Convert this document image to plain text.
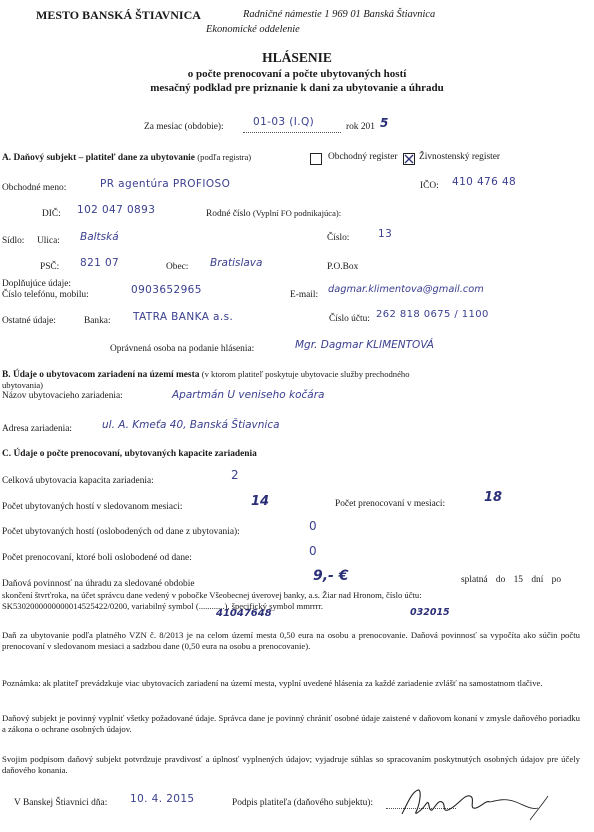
MESTO BANSKÁ ŠTIAVNICA	Radničné námestie 1 969 01 Banská Štiavnica
Ekonomické oddelenie
HLÁSENIE
o počte prenocovaní a počte ubytovaných hostí
mesačný podklad pre priznanie k dani za ubytovanie a úhradu
Za mesiac (obdobie):	01-03 (I.Q)	rok 201 5
A. Daňový subjekt – platiteľ dane za ubytovanie (podľa registra)	Obchodný register Živnostenský register
Obchodné meno:	PR agentúra PROFIOSO	IČO: 410 476 48
DIČ: 102 047 0893	Rodné číslo (Vyplní FO podnikajúca):
Sídlo: Ulica: Baltská	Číslo:	13
PSČ: 821 07	Obec: Bratislava	P.O.Box
Doplňujúce údaje:
Číslo telefónu, mobilu:	0903652965	E-mail: dagmar.klimentova@gmail.com
Ostatné údaje:	Banka: TATRA BANKA a.s.	Číslo účtu: 262 818 0675 / 1100
Oprávnená osoba na podanie hlásenia:	Mgr. Dagmar KLIMENTOVÁ
B. Údaje o ubytovacom zariadení na území mesta (v ktorom platiteľ poskytuje ubytovacie služby prechodného
ubytovania)
Názov ubytovacieho zariadenia:	Apartmán U veniseho kočára
Adresa zariadenia:	ul. A. Kmeťa 40, Banská Štiavnica
C. Údaje o počte prenocovaní, ubytovaných kapacite zariadenia
Celková ubytovacia kapacita zariadenia:	2
Počet ubytovaných hostí v sledovanom mesiaci:	14	Počet prenocovaní v mesiaci:	18
Počet ubytovaných hostí (oslobodených od dane z ubytovania):	0
Počet prenocovaní, ktoré boli oslobodené od dane:	0
Daňová povinnosť na úhradu za sledované obdobie	9,- €	splatná do 15 dní po
skončení štvrťroka, na účet správcu dane vedený v pobočke Všeobecnej úverovej banky, a.s. Žiar nad Hronom, číslo účtu:
SK5302000000000014525422/0200, variabilný symbol (............), špecifický symbol mmrrrr.
41047648	032015
Daň za ubytovanie podľa platného VZN č. 8/2013 je na celom území mesta 0,50 eura na osobu a prenocovanie. Daňová povinnosť sa vypočíta ako súčin počtu prenocovaní v sledovanom mesiaci a sadzbou dane (0,50 eura na osobu a prenocovanie).
Poznámka: ak platiteľ prevádzkuje viac ubytovacích zariadení na území mesta, vyplní uvedené hlásenia za každé zariadenie zvlášť na samostatnom tlačive.
Daňový subjekt je povinný vyplniť všetky požadované údaje. Správca dane je povinný chrániť osobné údaje zaistené v daňovom konaní v zmysle daňového poriadku a zákona o ochrane osobných údajov.
Svojim podpisom daňový subjekt potvrdzuje pravdivosť a úplnosť vyplnených údajov; vyjadruje súhlas so spracovaním poskytnutých osobných údajov pre účely daňového konania.
V Banskej Štiavnici dňa: 10. 4. 2015	Podpis platiteľa (daňového subjektu):
